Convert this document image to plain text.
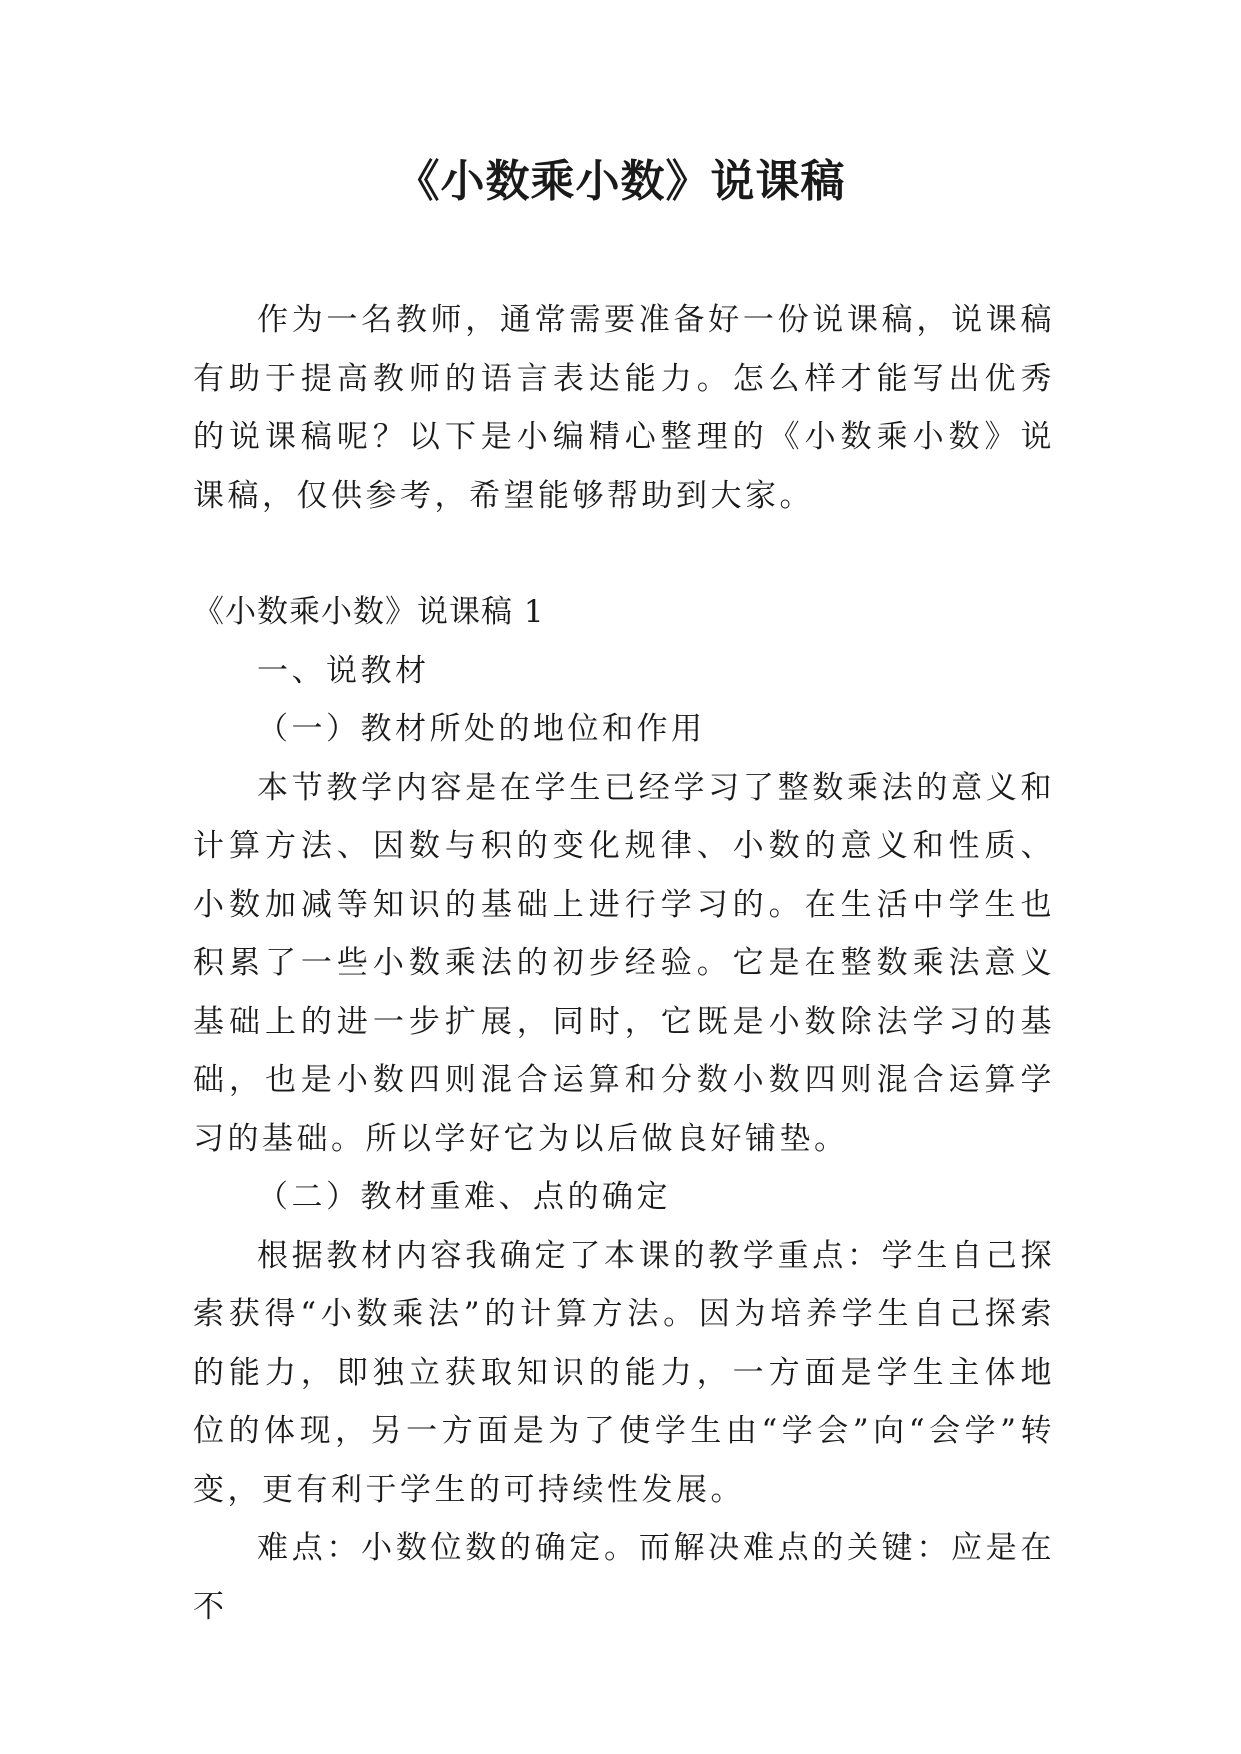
《小数乘小数》说课稿

作为一名教师，通常需要准备好一份说课稿，说课稿有助于提高教师的语言表达能力。怎么样才能写出优秀的说课稿呢？以下是小编精心整理的《小数乘小数》说课稿，仅供参考，希望能够帮助到大家。

《小数乘小数》说课稿 1

一、说教材

（一）教材所处的地位和作用

本节教学内容是在学生已经学习了整数乘法的意义和计算方法、因数与积的变化规律、小数的意义和性质、小数加减等知识的基础上进行学习的。在生活中学生也积累了一些小数乘法的初步经验。它是在整数乘法意义基础上的进一步扩展，同时，它既是小数除法学习的基础，也是小数四则混合运算和分数小数四则混合运算学习的基础。所以学好它为以后做良好铺垫。

（二）教材重难、点的确定

根据教材内容我确定了本课的教学重点：学生自己探索获得“小数乘法”的计算方法。因为培养学生自己探索的能力，即独立获取知识的能力，一方面是学生主体地位的体现，另一方面是为了使学生由“学会”向“会学”转变，更有利于学生的可持续性发展。

难点：小数位数的确定。而解决难点的关键：应是在不
